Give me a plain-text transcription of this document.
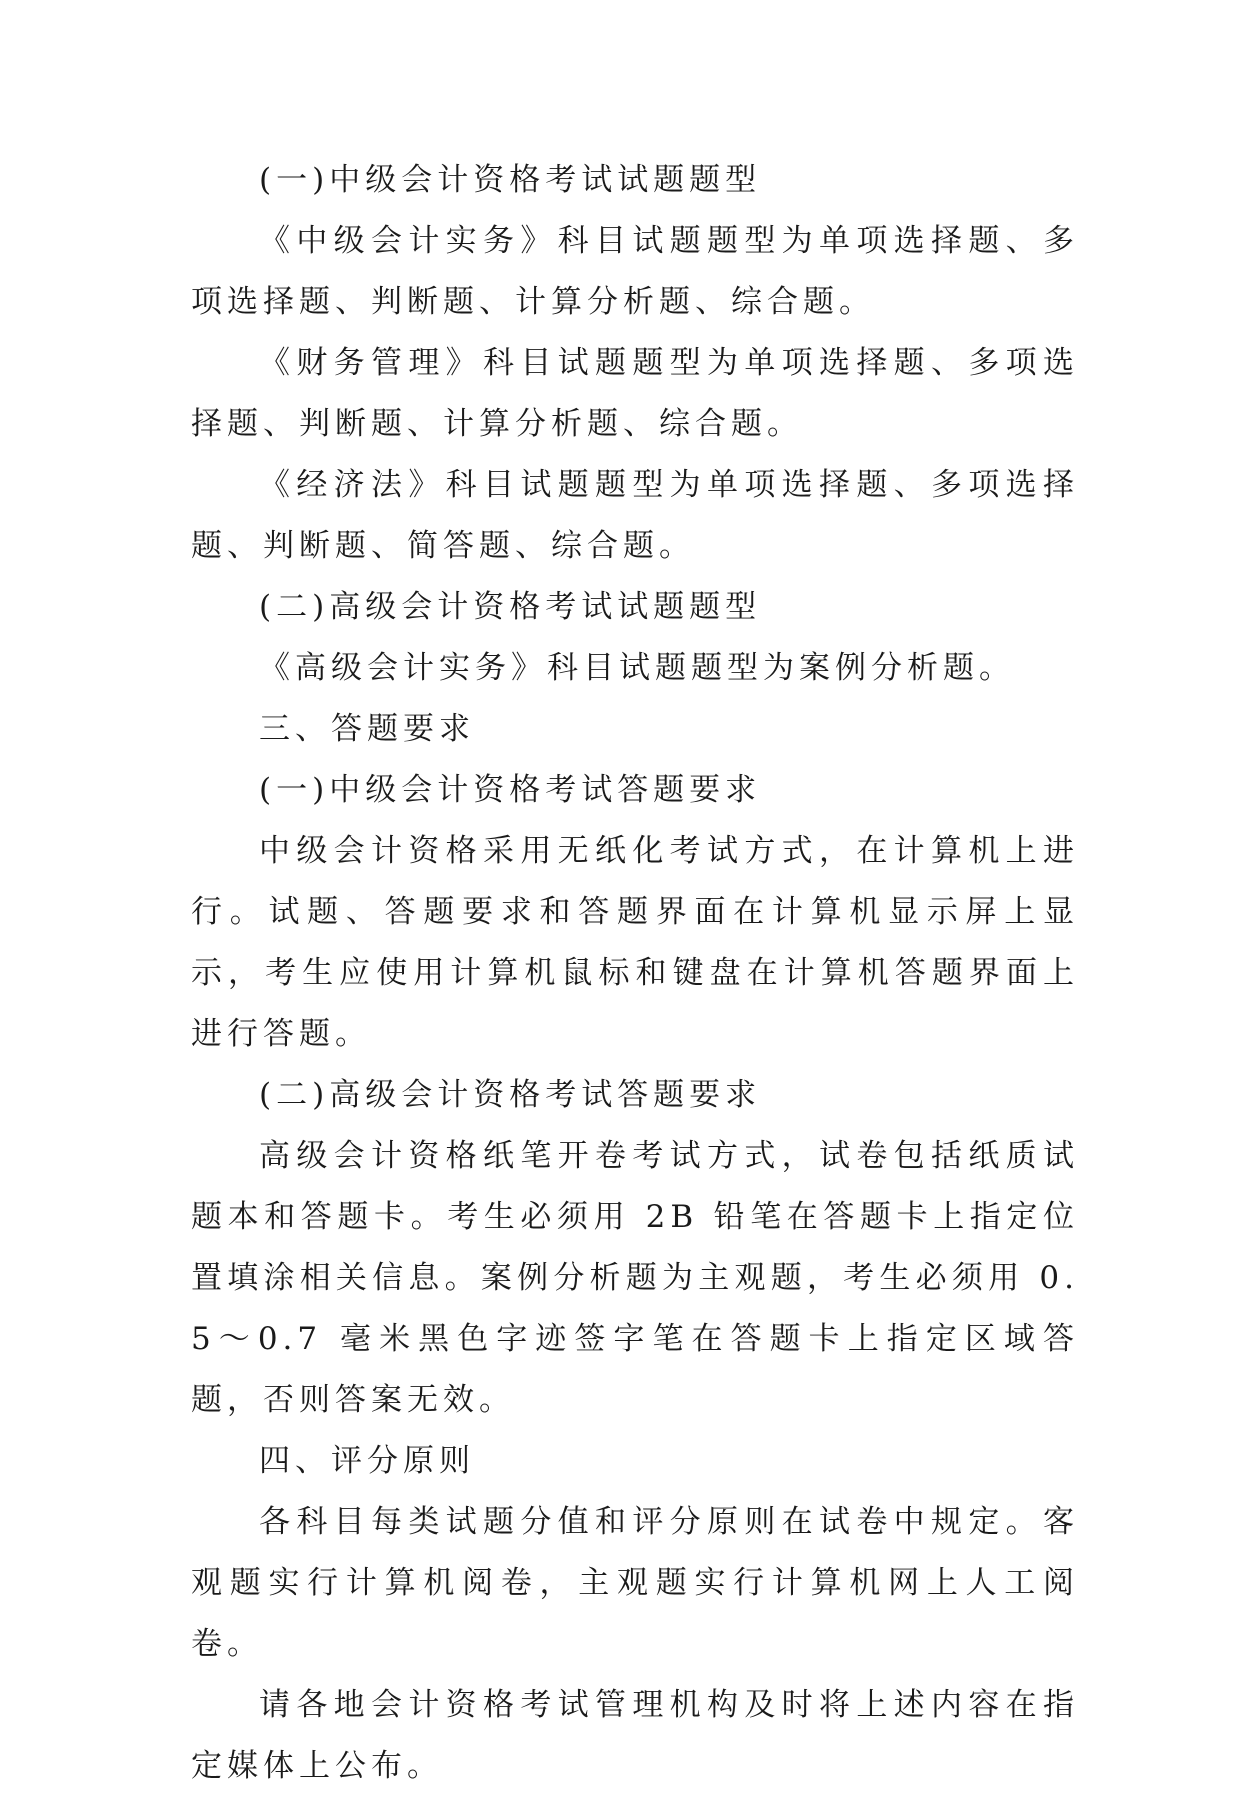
(一)中级会计资格考试试题题型

《中级会计实务》科目试题题型为单项选择题、多项选择题、判断题、计算分析题、综合题。

《财务管理》科目试题题型为单项选择题、多项选择题、判断题、计算分析题、综合题。

《经济法》科目试题题型为单项选择题、多项选择题、判断题、简答题、综合题。

(二)高级会计资格考试试题题型

《高级会计实务》科目试题题型为案例分析题。

三、答题要求

(一)中级会计资格考试答题要求

中级会计资格采用无纸化考试方式，在计算机上进行。试题、答题要求和答题界面在计算机显示屏上显示，考生应使用计算机鼠标和键盘在计算机答题界面上进行答题。

(二)高级会计资格考试答题要求

高级会计资格纸笔开卷考试方式，试卷包括纸质试题本和答题卡。考生必须用 2B 铅笔在答题卡上指定位置填涂相关信息。案例分析题为主观题，考生必须用 0.5～0.7 毫米黑色字迹签字笔在答题卡上指定区域答题，否则答案无效。

四、评分原则

各科目每类试题分值和评分原则在试卷中规定。客观题实行计算机阅卷，主观题实行计算机网上人工阅卷。

请各地会计资格考试管理机构及时将上述内容在指定媒体上公布。
